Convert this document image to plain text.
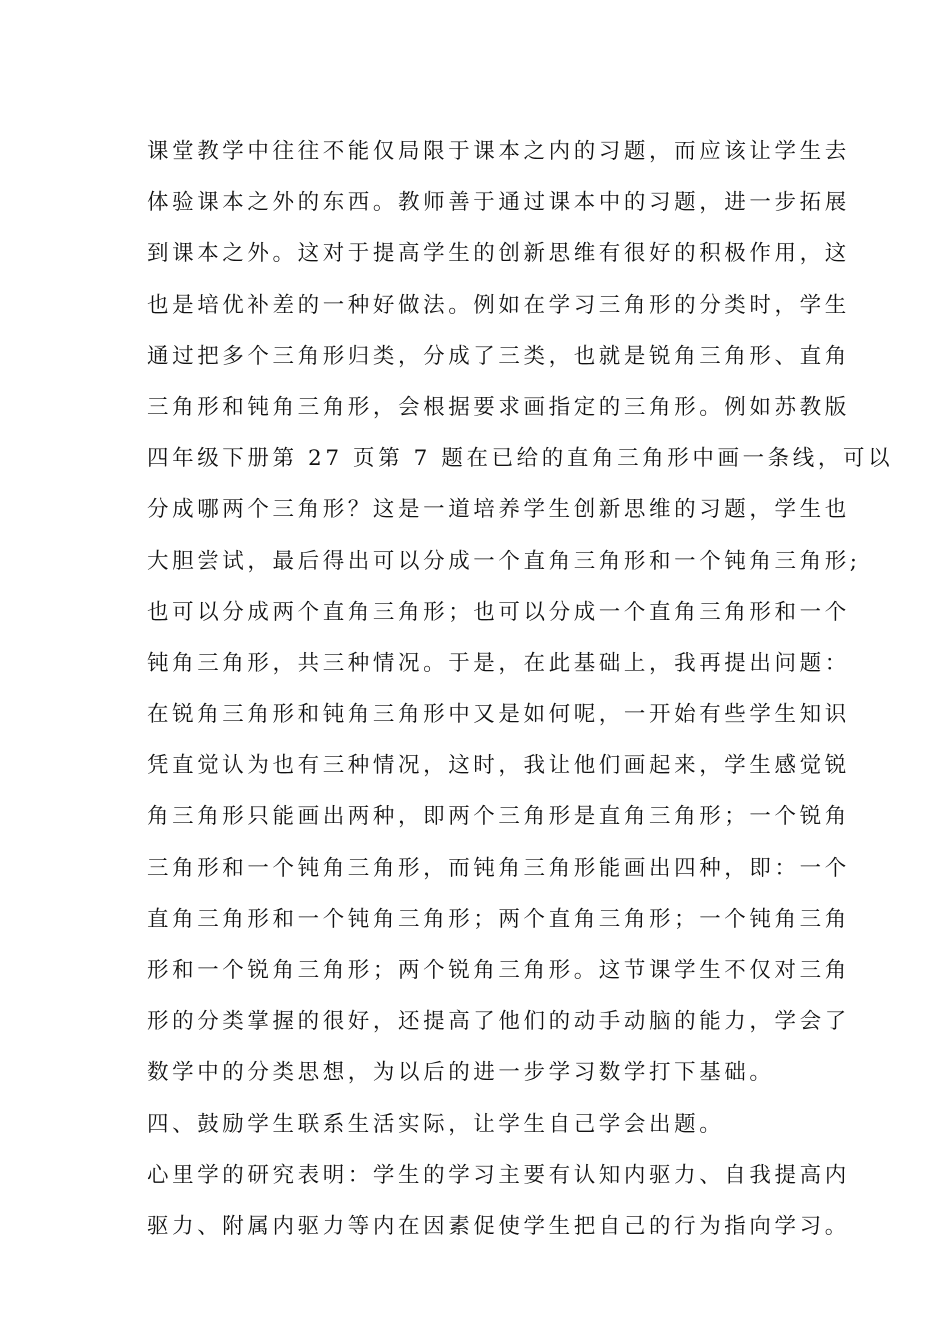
课堂教学中往往不能仅局限于课本之内的习题，而应该让学生去
体验课本之外的东西。教师善于通过课本中的习题，进一步拓展
到课本之外。这对于提高学生的创新思维有很好的积极作用，这
也是培优补差的一种好做法。例如在学习三角形的分类时，学生
通过把多个三角形归类，分成了三类，也就是锐角三角形、直角
三角形和钝角三角形，会根据要求画指定的三角形。例如苏教版
四年级下册第 27 页第 7 题在已给的直角三角形中画一条线，可以
分成哪两个三角形？这是一道培养学生创新思维的习题，学生也
大胆尝试，最后得出可以分成一个直角三角形和一个钝角三角形;
也可以分成两个直角三角形；也可以分成一个直角三角形和一个
钝角三角形，共三种情况。于是，在此基础上，我再提出问题：
在锐角三角形和钝角三角形中又是如何呢，一开始有些学生知识
凭直觉认为也有三种情况，这时，我让他们画起来，学生感觉锐
角三角形只能画出两种，即两个三角形是直角三角形；一个锐角
三角形和一个钝角三角形，而钝角三角形能画出四种，即：一个
直角三角形和一个钝角三角形；两个直角三角形；一个钝角三角
形和一个锐角三角形；两个锐角三角形。这节课学生不仅对三角
形的分类掌握的很好，还提高了他们的动手动脑的能力，学会了
数学中的分类思想，为以后的进一步学习数学打下基础。
四、鼓励学生联系生活实际，让学生自己学会出题。
心里学的研究表明：学生的学习主要有认知内驱力、自我提高内
驱力、附属内驱力等内在因素促使学生把自己的行为指向学习。
